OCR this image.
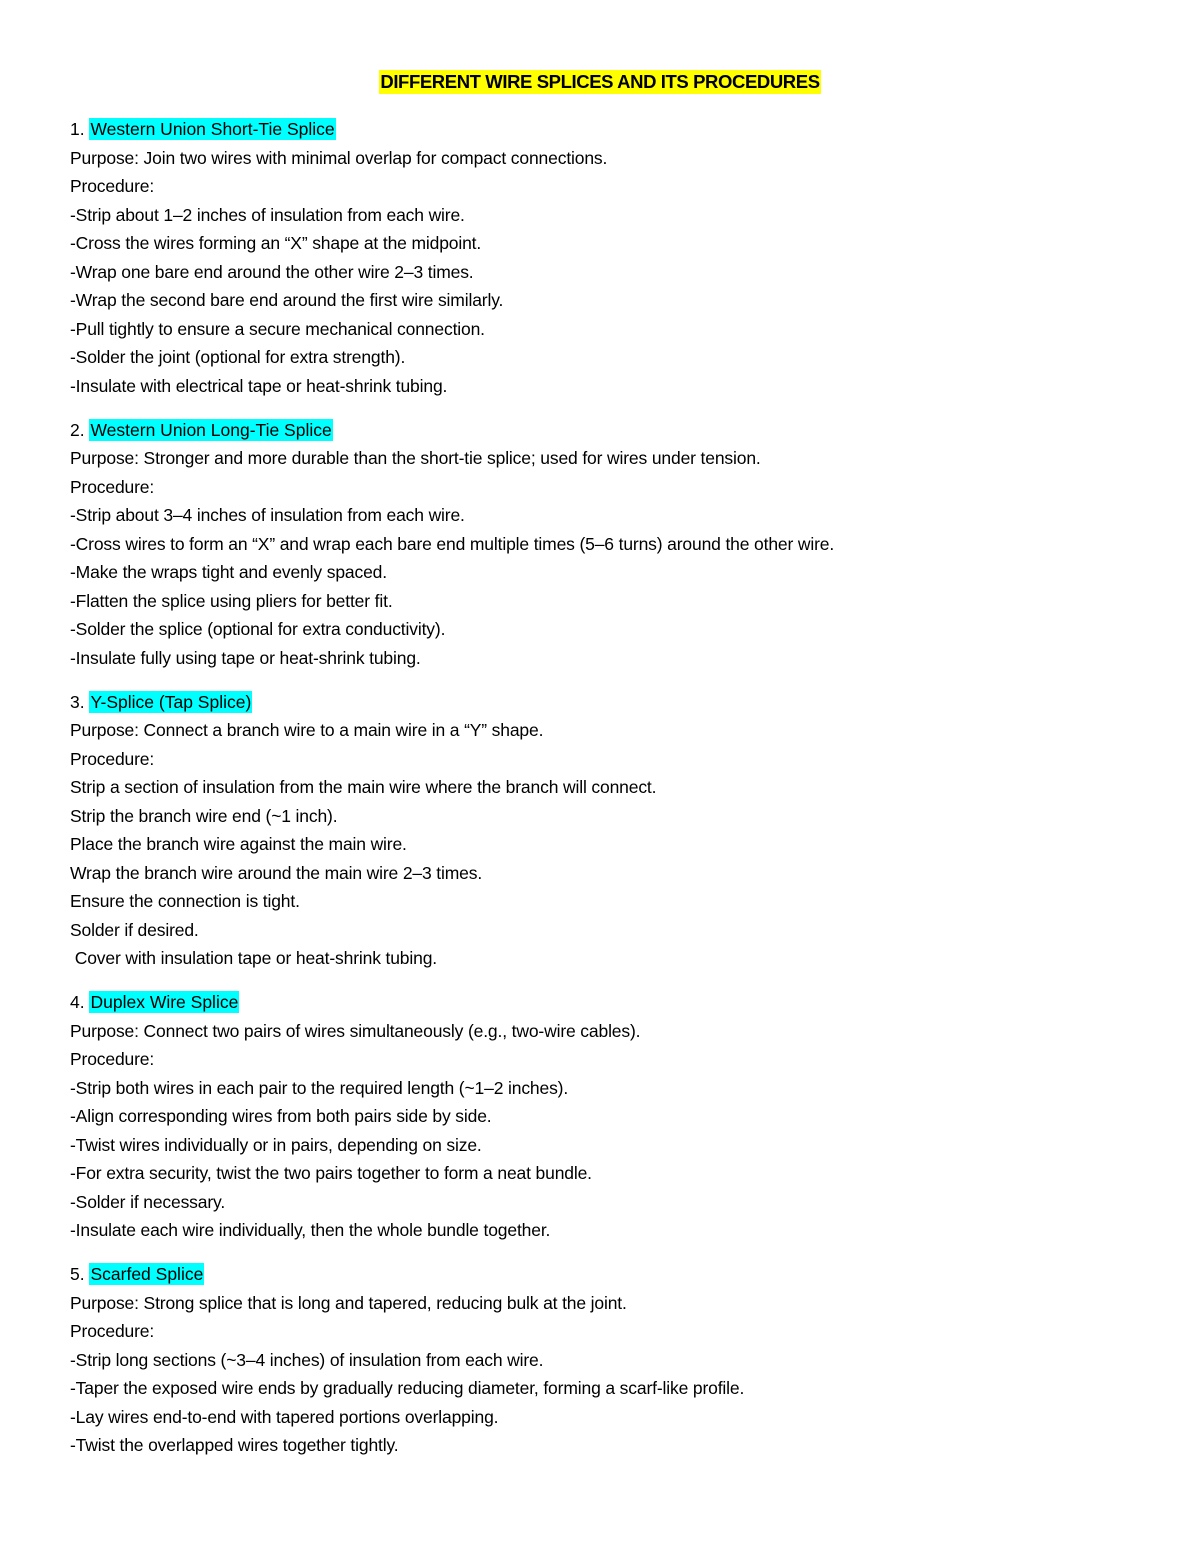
DIFFERENT WIRE SPLICES AND ITS PROCEDURES
1. Western Union Short-Tie Splice
Purpose: Join two wires with minimal overlap for compact connections.
Procedure:
-Strip about 1–2 inches of insulation from each wire.
-Cross the wires forming an “X” shape at the midpoint.
-Wrap one bare end around the other wire 2–3 times.
-Wrap the second bare end around the first wire similarly.
-Pull tightly to ensure a secure mechanical connection.
-Solder the joint (optional for extra strength).
-Insulate with electrical tape or heat-shrink tubing.
2. Western Union Long-Tie Splice
Purpose: Stronger and more durable than the short-tie splice; used for wires under tension.
Procedure:
-Strip about 3–4 inches of insulation from each wire.
-Cross wires to form an “X” and wrap each bare end multiple times (5–6 turns) around the other wire.
-Make the wraps tight and evenly spaced.
-Flatten the splice using pliers for better fit.
-Solder the splice (optional for extra conductivity).
-Insulate fully using tape or heat-shrink tubing.
3. Y-Splice (Tap Splice)
Purpose: Connect a branch wire to a main wire in a “Y” shape.
Procedure:
Strip a section of insulation from the main wire where the branch will connect.
Strip the branch wire end (~1 inch).
Place the branch wire against the main wire.
Wrap the branch wire around the main wire 2–3 times.
Ensure the connection is tight.
Solder if desired.
Cover with insulation tape or heat-shrink tubing.
4. Duplex Wire Splice
Purpose: Connect two pairs of wires simultaneously (e.g., two-wire cables).
Procedure:
-Strip both wires in each pair to the required length (~1–2 inches).
-Align corresponding wires from both pairs side by side.
-Twist wires individually or in pairs, depending on size.
-For extra security, twist the two pairs together to form a neat bundle.
-Solder if necessary.
-Insulate each wire individually, then the whole bundle together.
5. Scarfed Splice
Purpose: Strong splice that is long and tapered, reducing bulk at the joint.
Procedure:
-Strip long sections (~3–4 inches) of insulation from each wire.
-Taper the exposed wire ends by gradually reducing diameter, forming a scarf-like profile.
-Lay wires end-to-end with tapered portions overlapping.
-Twist the overlapped wires together tightly.
